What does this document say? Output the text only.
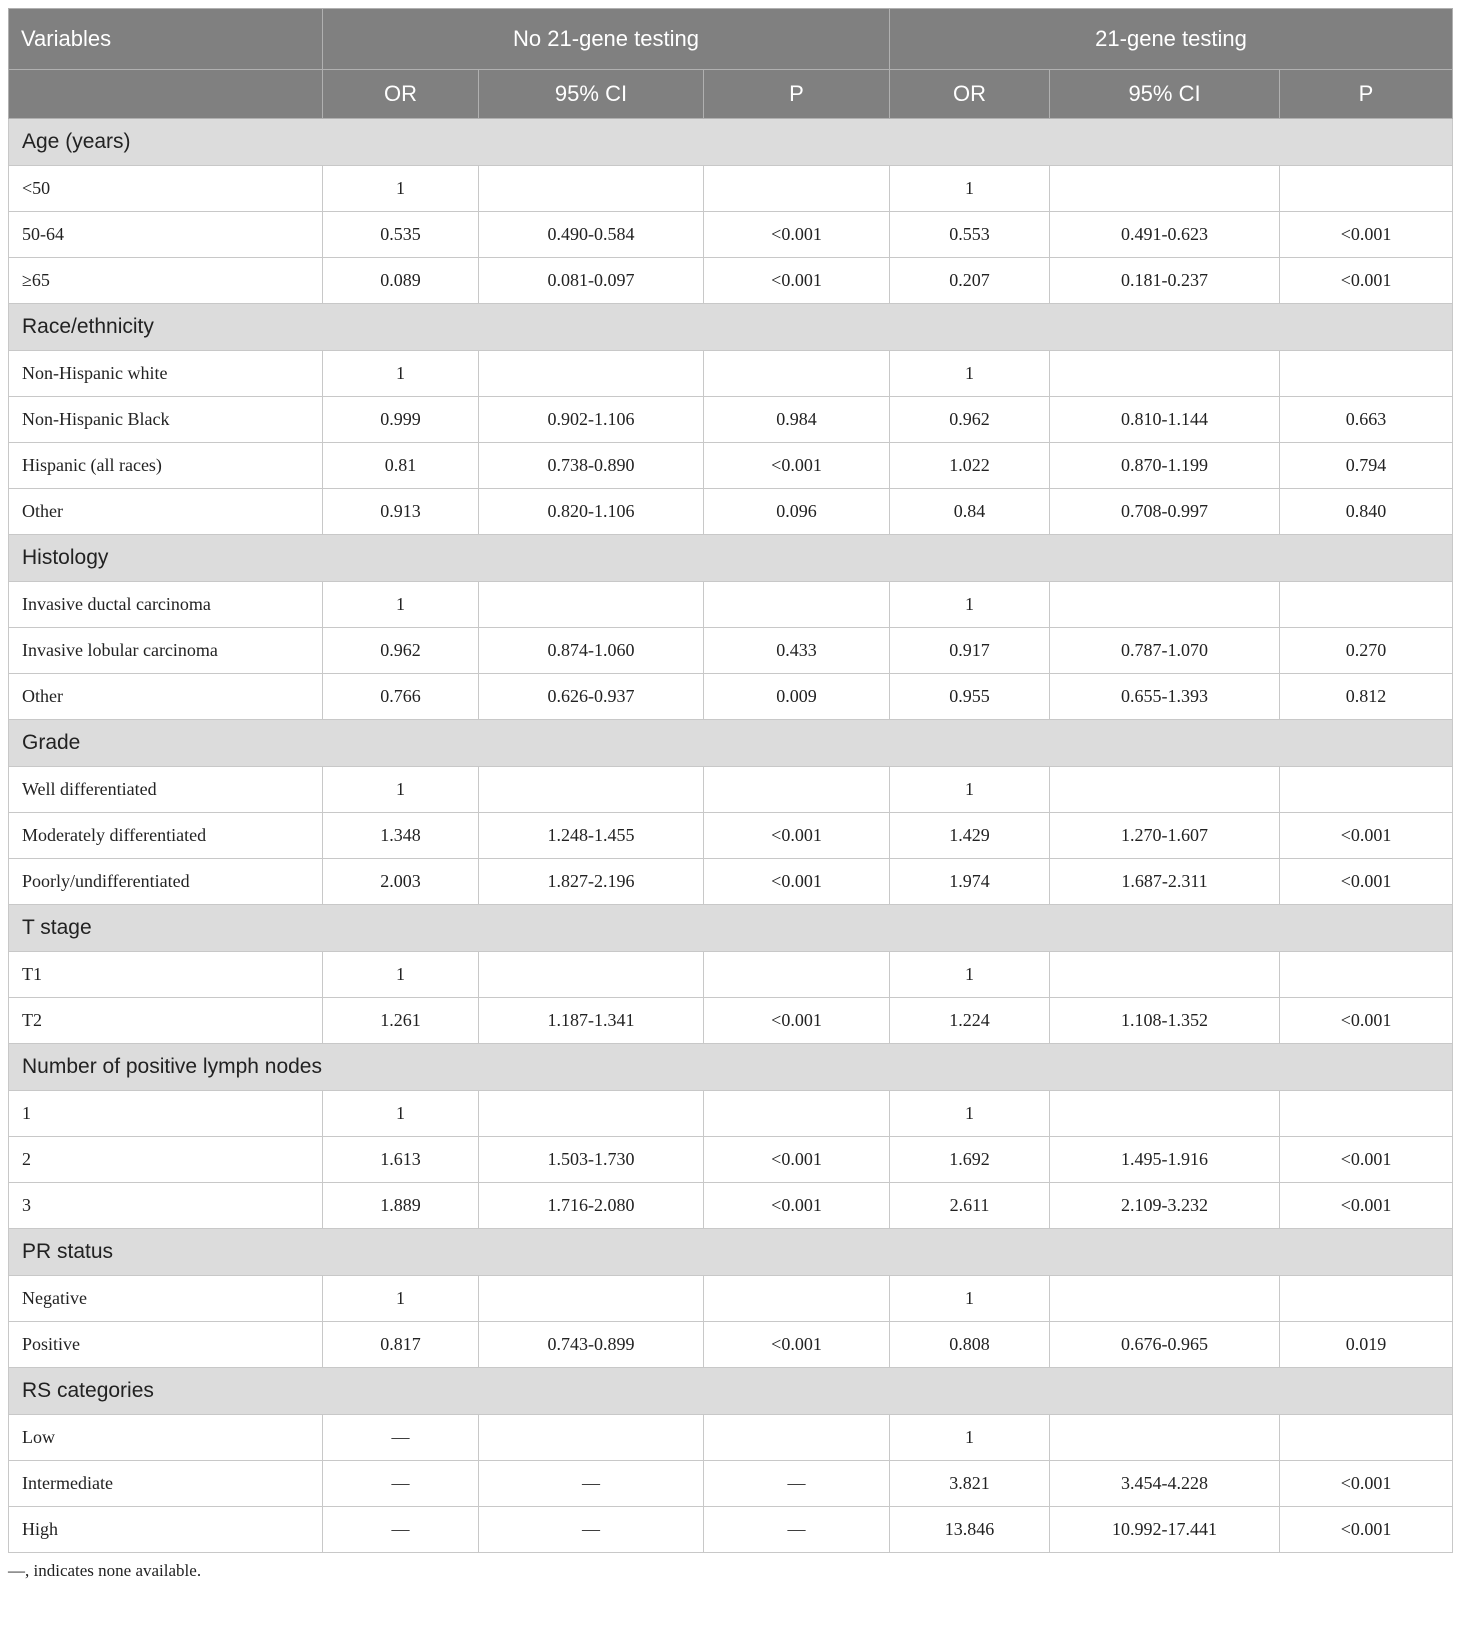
Variables	No 21-gene testing			21-gene testing		
	OR	95% CI	P	OR	95% CI	P
Age (years)						
<50	1			1		
50-64	0.535	0.490-0.584	<0.001	0.553	0.491-0.623	<0.001
≥65	0.089	0.081-0.097	<0.001	0.207	0.181-0.237	<0.001
Race/ethnicity						
Non-Hispanic white	1			1		
Non-Hispanic Black	0.999	0.902-1.106	0.984	0.962	0.810-1.144	0.663
Hispanic (all races)	0.81	0.738-0.890	<0.001	1.022	0.870-1.199	0.794
Other	0.913	0.820-1.106	0.096	0.84	0.708-0.997	0.840
Histology						
Invasive ductal carcinoma	1			1		
Invasive lobular carcinoma	0.962	0.874-1.060	0.433	0.917	0.787-1.070	0.270
Other	0.766	0.626-0.937	0.009	0.955	0.655-1.393	0.812
Grade						
Well differentiated	1			1		
Moderately differentiated	1.348	1.248-1.455	<0.001	1.429	1.270-1.607	<0.001
Poorly/undifferentiated	2.003	1.827-2.196	<0.001	1.974	1.687-2.311	<0.001
T stage						
T1	1			1		
T2	1.261	1.187-1.341	<0.001	1.224	1.108-1.352	<0.001
Number of positive lymph nodes						
1	1			1		
2	1.613	1.503-1.730	<0.001	1.692	1.495-1.916	<0.001
3	1.889	1.716-2.080	<0.001	2.611	2.109-3.232	<0.001
PR status						
Negative	1			1		
Positive	0.817	0.743-0.899	<0.001	0.808	0.676-0.965	0.019
RS categories						
Low	—			1		
Intermediate	—	—	—	3.821	3.454-4.228	<0.001
High	—	—	—	13.846	10.992-17.441	<0.001
—, indicates none available.
